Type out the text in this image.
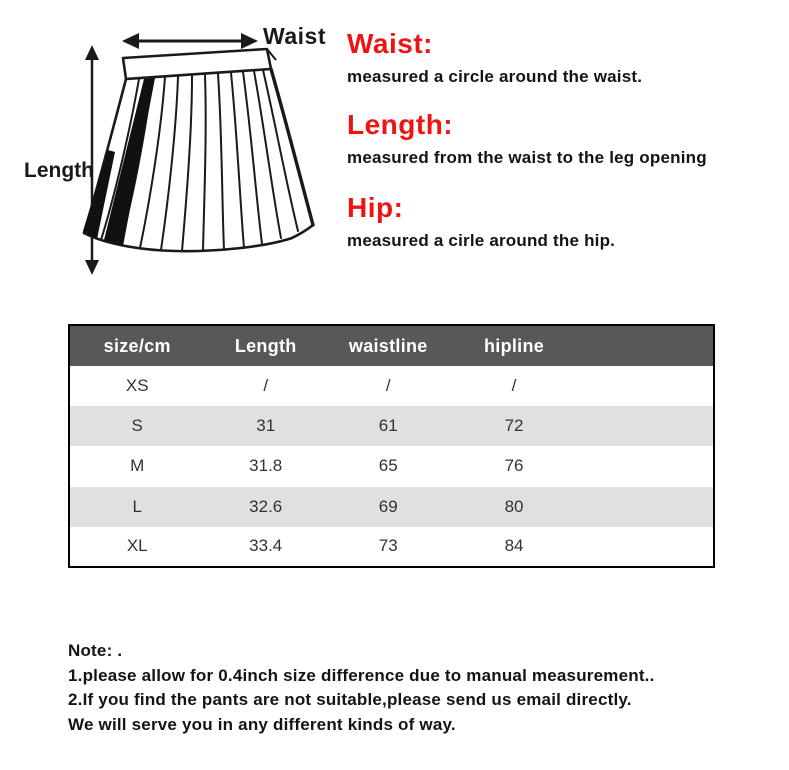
Waist
Length
Waist:
measured a circle around the waist.
Length:
measured from the waist to the leg opening
Hip:
measured a cirle around the hip.
size/cm	Length	waistline	hipline	
XS	/	/	/	
S	31	61	72	
M	31.8	65	76	
L	32.6	69	80	
XL	33.4	73	84	
Note: .
1.please allow for 0.4inch size difference due to manual measurement..
2.If you find the pants are not suitable,please send us email directly.
We will serve you in any different kinds of way.
